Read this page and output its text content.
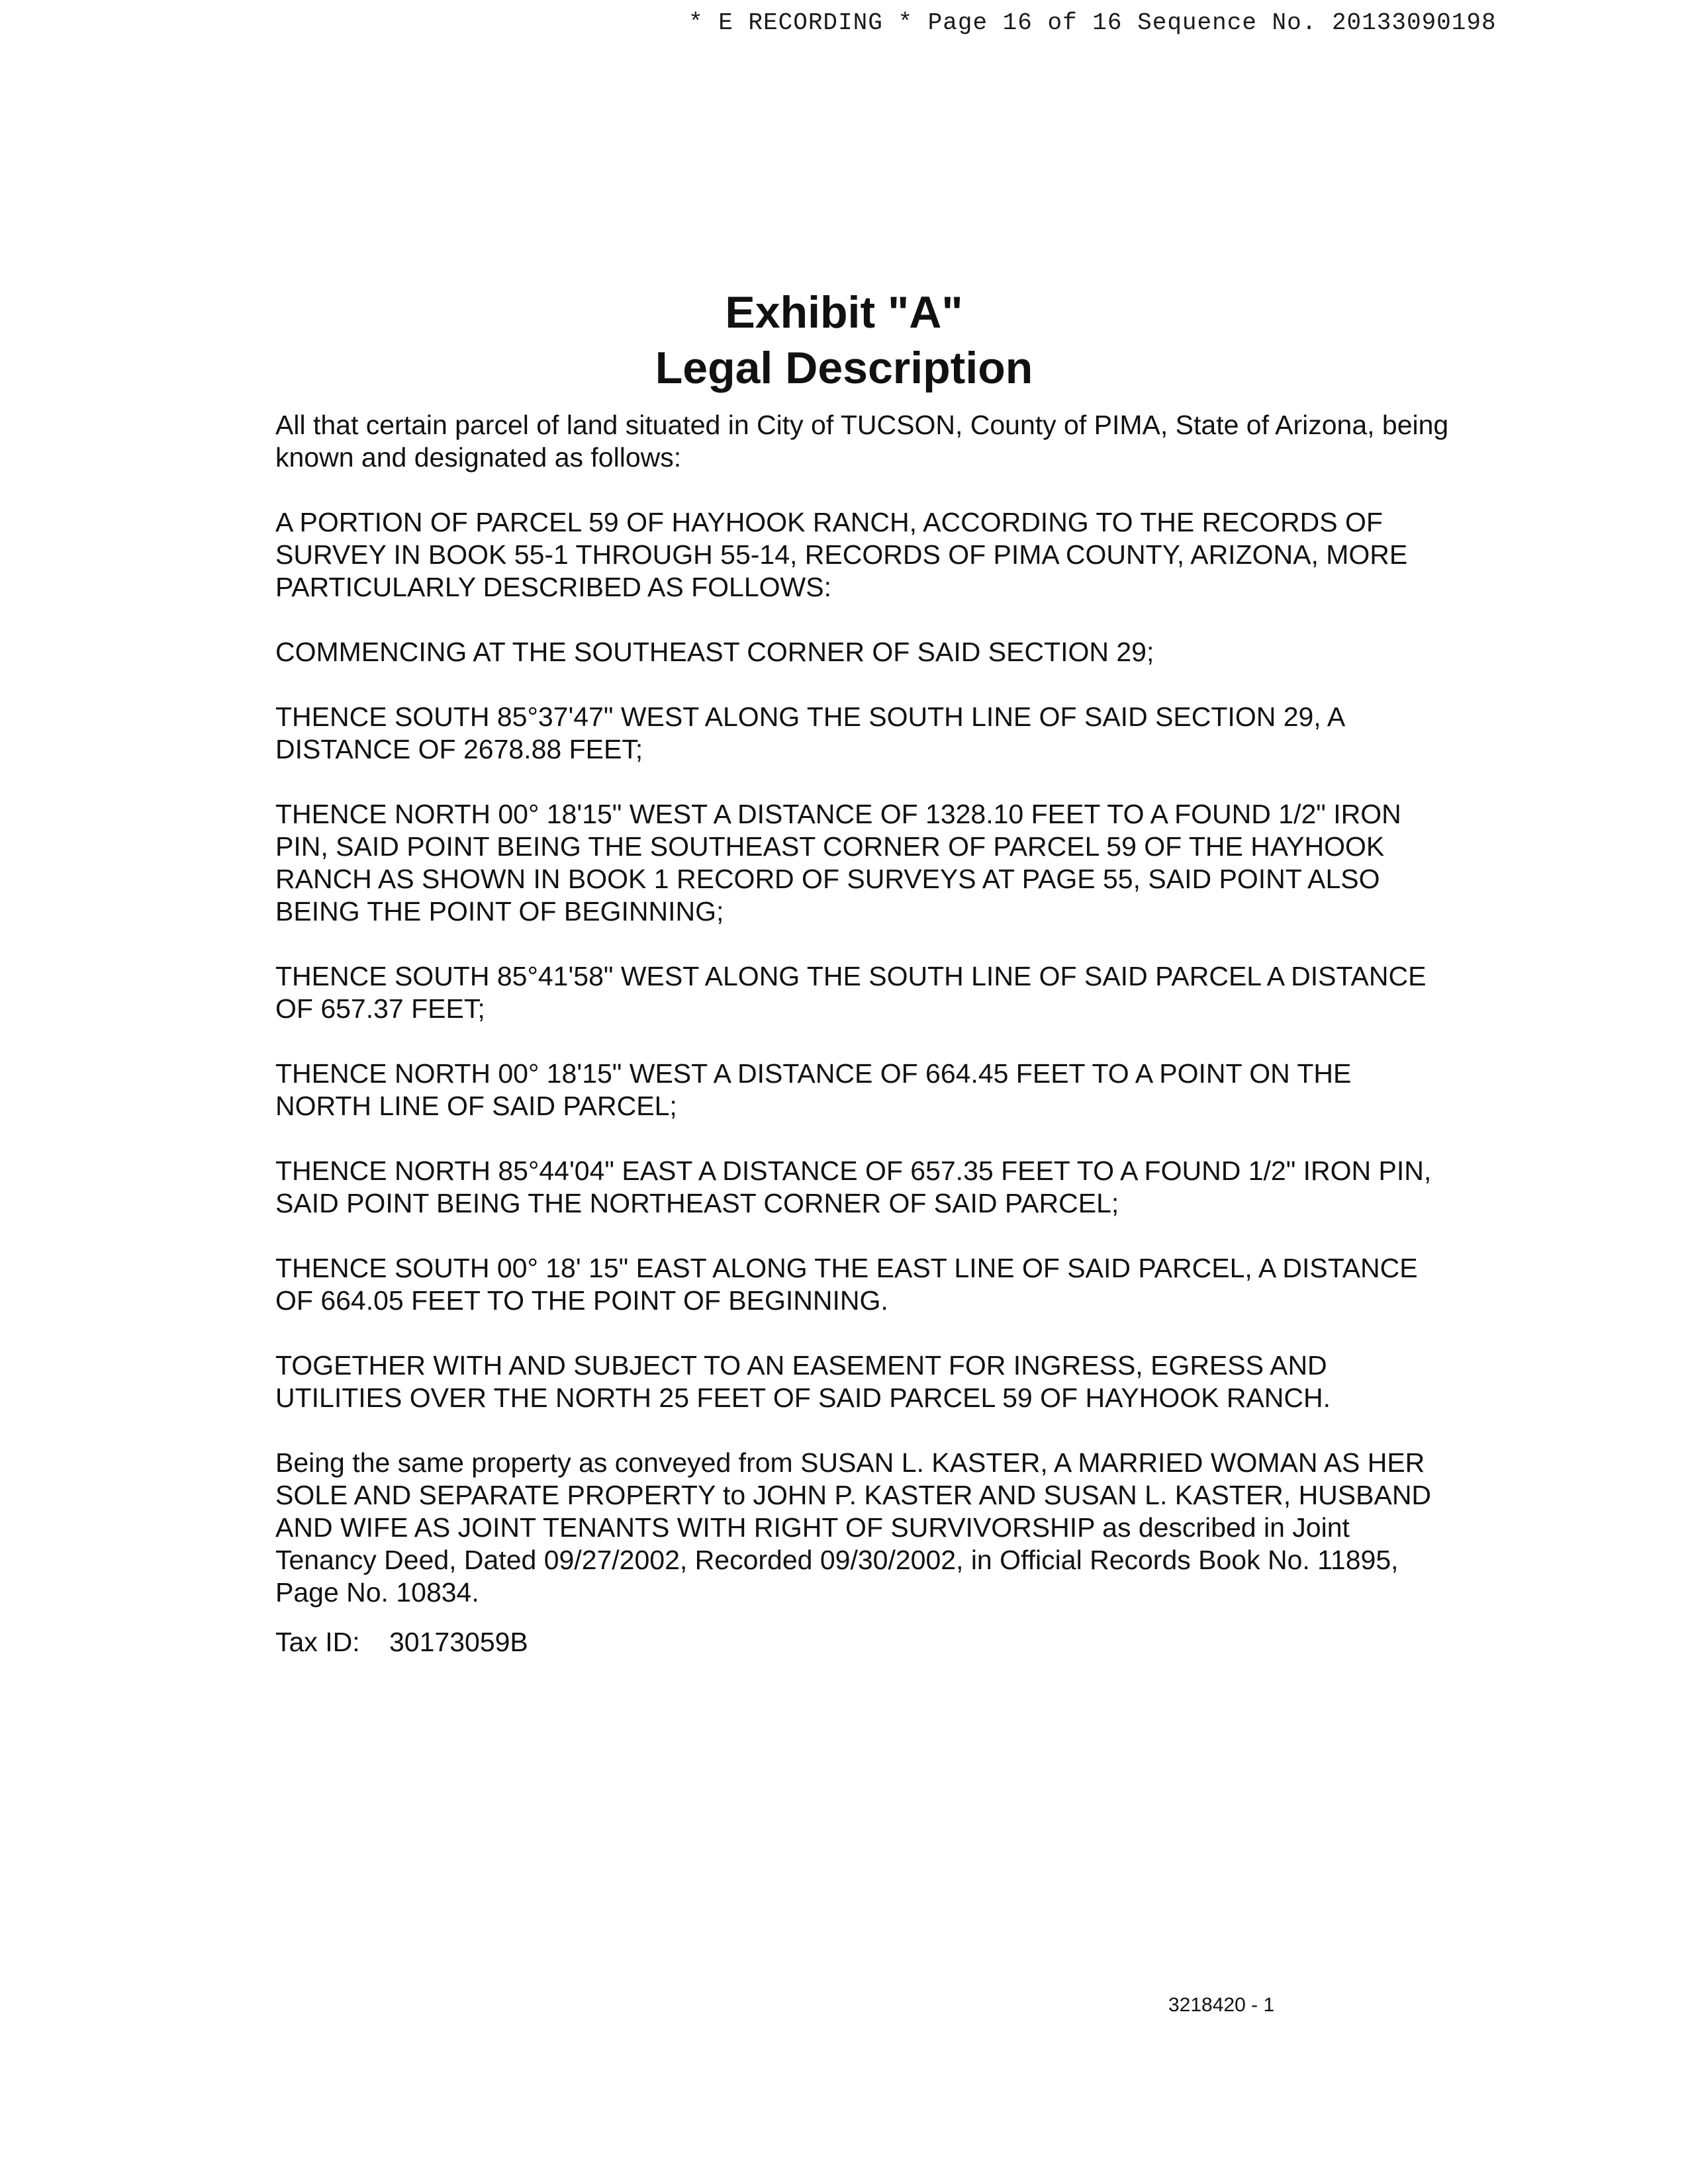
* E RECORDING * Page 16 of 16 Sequence No. 20133090198
Exhibit "A"
Legal Description

All that certain parcel of land situated in City of TUCSON, County of PIMA, State of Arizona, being known and designated as follows:

A PORTION OF PARCEL 59 OF HAYHOOK RANCH, ACCORDING TO THE RECORDS OF SURVEY IN BOOK 55-1 THROUGH 55-14, RECORDS OF PIMA COUNTY, ARIZONA, MORE PARTICULARLY DESCRIBED AS FOLLOWS:

COMMENCING AT THE SOUTHEAST CORNER OF SAID SECTION 29;

THENCE SOUTH 85°37'47" WEST ALONG THE SOUTH LINE OF SAID SECTION 29, A DISTANCE OF 2678.88 FEET;

THENCE NORTH 00° 18'15" WEST A DISTANCE OF 1328.10 FEET TO A FOUND 1/2" IRON PIN, SAID POINT BEING THE SOUTHEAST CORNER OF PARCEL 59 OF THE HAYHOOK RANCH AS SHOWN IN BOOK 1 RECORD OF SURVEYS AT PAGE 55, SAID POINT ALSO BEING THE POINT OF BEGINNING;

THENCE SOUTH 85°41'58" WEST ALONG THE SOUTH LINE OF SAID PARCEL A DISTANCE OF 657.37 FEET;

THENCE NORTH 00° 18'15" WEST A DISTANCE OF 664.45 FEET TO A POINT ON THE NORTH LINE OF SAID PARCEL;

THENCE NORTH 85°44'04" EAST A DISTANCE OF 657.35 FEET TO A FOUND 1/2" IRON PIN, SAID POINT BEING THE NORTHEAST CORNER OF SAID PARCEL;

THENCE SOUTH 00° 18' 15" EAST ALONG THE EAST LINE OF SAID PARCEL, A DISTANCE OF 664.05 FEET TO THE POINT OF BEGINNING.

TOGETHER WITH AND SUBJECT TO AN EASEMENT FOR INGRESS, EGRESS AND UTILITIES OVER THE NORTH 25 FEET OF SAID PARCEL 59 OF HAYHOOK RANCH.

Being the same property as conveyed from SUSAN L. KASTER, A MARRIED WOMAN AS HER SOLE AND SEPARATE PROPERTY to JOHN P. KASTER AND SUSAN L. KASTER, HUSBAND AND WIFE AS JOINT TENANTS WITH RIGHT OF SURVIVORSHIP as described in Joint Tenancy Deed, Dated 09/27/2002, Recorded 09/30/2002, in Official Records Book No. 11895, Page No. 10834.

Tax ID:	30173059B
3218420 - 1
